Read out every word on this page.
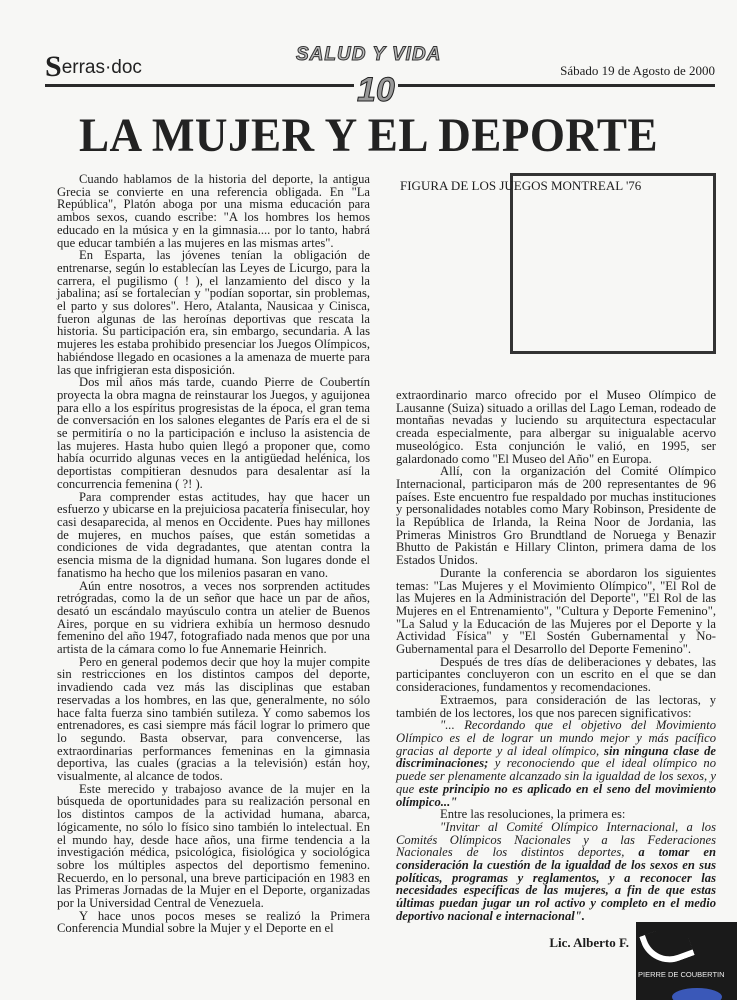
Serras·doc
SALUD Y VIDA
10
Sábado 19 de Agosto de 2000
LA MUJER Y EL DEPORTE

Cuando hablamos de la historia del deporte, la antigua Grecia se convierte en una referencia obligada. En "La República", Platón aboga por una misma educación para ambos sexos, cuando escribe: "A los hombres los hemos educado en la música y en la gimnasia.... por lo tanto, habrá que educar también a las mujeres en las mismas artes".

En Esparta, las jóvenes tenían la obligación de entrenarse, según lo establecían las Leyes de Licurgo, para la carrera, el pugilismo ( ! ), el lanzamiento del disco y la jabalina; así se fortalecían y "podían soportar, sin problemas, el parto y sus dolores". Hero, Atalanta, Nausicaa y Cinisca, fueron algunas de las heroínas deportivas que rescata la historia. Su participación era, sin embargo, secundaria. A las mujeres les estaba prohibido presenciar los Juegos Olímpicos, habiéndose llegado en ocasiones a la amenaza de muerte para las que infrigieran esta disposición.

Dos mil años más tarde, cuando Pierre de Coubertín proyecta la obra magna de reinstaurar los Juegos, y aguijonea para ello a los espíritus progresistas de la época, el gran tema de conversación en los salones elegantes de París era el de si se permitiría o no la participación e incluso la asistencia de las mujeres. Hasta hubo quien llegó a proponer que, como había ocurrido algunas veces en la antigüedad helénica, los deportistas compitieran desnudos para desalentar así la concurrencia femenina ( ?! ).

Para comprender estas actitudes, hay que hacer un esfuerzo y ubicarse en la prejuiciosa pacatería finisecular, hoy casi desaparecida, al menos en Occidente. Pues hay millones de mujeres, en muchos países, que están sometidas a condiciones de vida degradantes, que atentan contra la esencia misma de la dignidad humana. Son lugares donde el fanatismo ha hecho que los milenios pasaran en vano.

Aún entre nosotros, a veces nos sorprenden actitudes retrógradas, como la de un señor que hace un par de años, desató un escándalo mayúsculo contra un atelier de Buenos Aires, porque en su vidriera exhibía un hermoso desnudo femenino del año 1947, fotografiado nada menos que por una artista de la cámara como lo fue Annemarie Heinrich.

Pero en general podemos decir que hoy la mujer compite sin restricciones en los distintos campos del deporte, invadiendo cada vez más las disciplinas que estaban reservadas a los hombres, en las que, generalmente, no sólo hace falta fuerza sino también sutileza. Y como sabemos los entrenadores, es casi siempre más fácil lograr lo primero que lo segundo. Basta observar, para convencerse, las extraordinarias performances femeninas en la gimnasia deportiva, las cuales (gracias a la televisión) están hoy, visualmente, al alcance de todos.

Este merecido y trabajoso avance de la mujer en la búsqueda de oportunidades para su realización personal en los distintos campos de la actividad humana, abarca, lógicamente, no sólo lo físico sino también lo intelectual. En el mundo hay, desde hace años, una firme tendencia a la investigación médica, psicológica, fisiológica y sociológica sobre los múltiples aspectos del deportismo femenino. Recuerdo, en lo personal, una breve participación en 1983 en las Primeras Jornadas de la Mujer en el Deporte, organizadas por la Universidad Central de Venezuela.

Y hace unos pocos meses se realizó la Primera Conferencia Mundial sobre la Mujer y el Deporte en el

FIGURA DE LOS JUEGOS MONTREAL '76

extraordinario marco ofrecido por el Museo Olímpico de Lausanne (Suiza) situado a orillas del Lago Leman, rodeado de montañas nevadas y luciendo su arquitectura espectacular creada especialmente, para albergar su inigualable acervo museológico. Esta conjunción le valió, en 1995, ser galardonado como "El Museo del Año" en Europa.

Allí, con la organización del Comité Olímpico Internacional, participaron más de 200 representantes de 96 países. Este encuentro fue respaldado por muchas instituciones y personalidades notables como Mary Robinson, Presidente de la República de Irlanda, la Reina Noor de Jordania, las Primeras Ministros Gro Brundtland de Noruega y Benazir Bhutto de Pakistán e Hillary Clinton, primera dama de los Estados Unidos.

Durante la conferencia se abordaron los siguientes temas: "Las Mujeres y el Movimiento Olímpico", "El Rol de las Mujeres en la Administración del Deporte", "El Rol de las Mujeres en el Entrenamiento", "Cultura y Deporte Femenino", "La Salud y la Educación de las Mujeres por el Deporte y la Actividad Física" y "El Sostén Gubernamental y No-Gubernamental para el Desarrollo del Deporte Femenino".

Después de tres días de deliberaciones y debates, las participantes concluyeron con un escrito en el que se dan consideraciones, fundamentos y recomendaciones.

Extraemos, para consideración de las lectoras, y también de los lectores, los que nos parecen significativos:

"... Recordando que el objetivo del Movimiento Olímpico es el de lograr un mundo mejor y más pacífico gracias al deporte y al ideal olímpico, sin ninguna clase de discriminaciones; y reconociendo que el ideal olímpico no puede ser plenamente alcanzado sin la igualdad de los sexos, y que este principio no es aplicado en el seno del movimiento olímpico..."

Entre las resoluciones, la primera es:

"Invitar al Comité Olímpico Internacional, a los Comités Olímpicos Nacionales y a las Federaciones Nacionales de los distintos deportes, a tomar en consideración la cuestión de la igualdad de los sexos en sus políticas, programas y reglamentos, y a reconocer las necesidades específicas de las mujeres, a fin de que estas últimas puedan jugar un rol activo y completo en el medio deportivo nacional e internacional".

Lic. Alberto F.
PIERRE DE COUBERTIN
